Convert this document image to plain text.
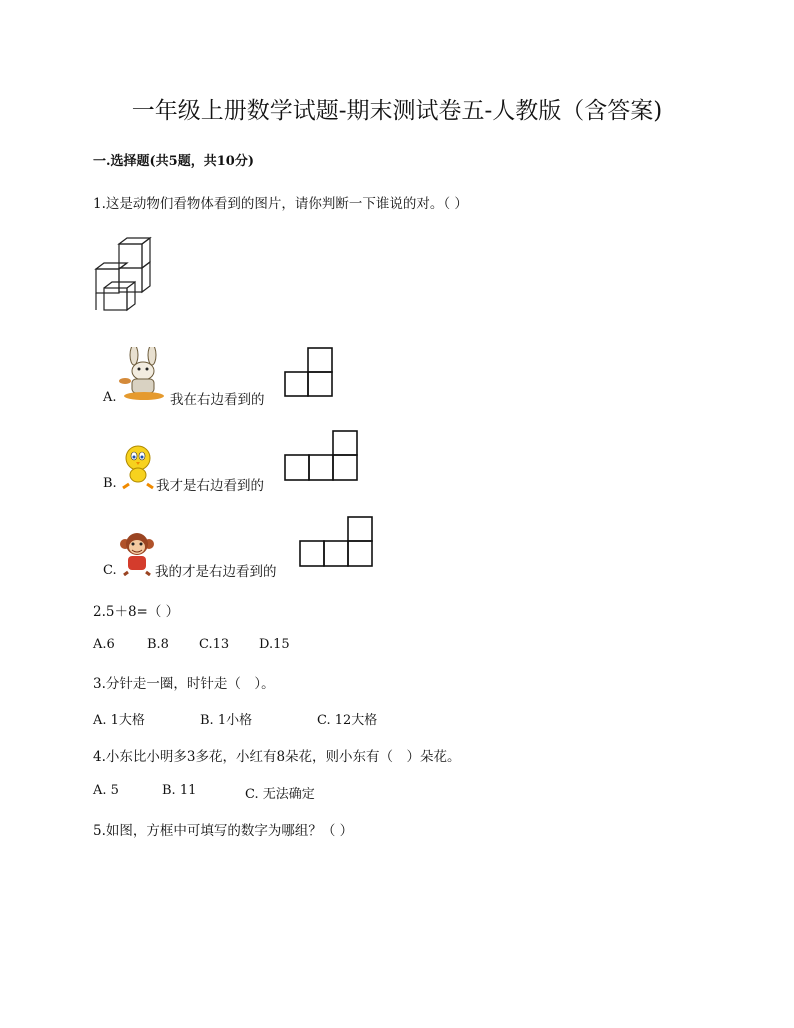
一年级上册数学试题-期末测试卷五-人教版（含答案)
一.选择题(共5题，共10分)
1.这是动物们看物体看到的图片，请你判断一下谁说的对。（ ）
A.	我在右边看到的
B.	我才是右边看到的
C.	我的才是右边看到的
2.5＋8=（ ）
A.6 B.8 C.13 D.15
3.分针走一圈，时针走（　）。
A. 1大格	B. 1小格	C. 12大格
4.小东比小明多3多花，小红有8朵花，则小东有（　）朵花。
A. 5	B. 11	C. 无法确定
5.如图，方框中可填写的数字为哪组？（ ）
